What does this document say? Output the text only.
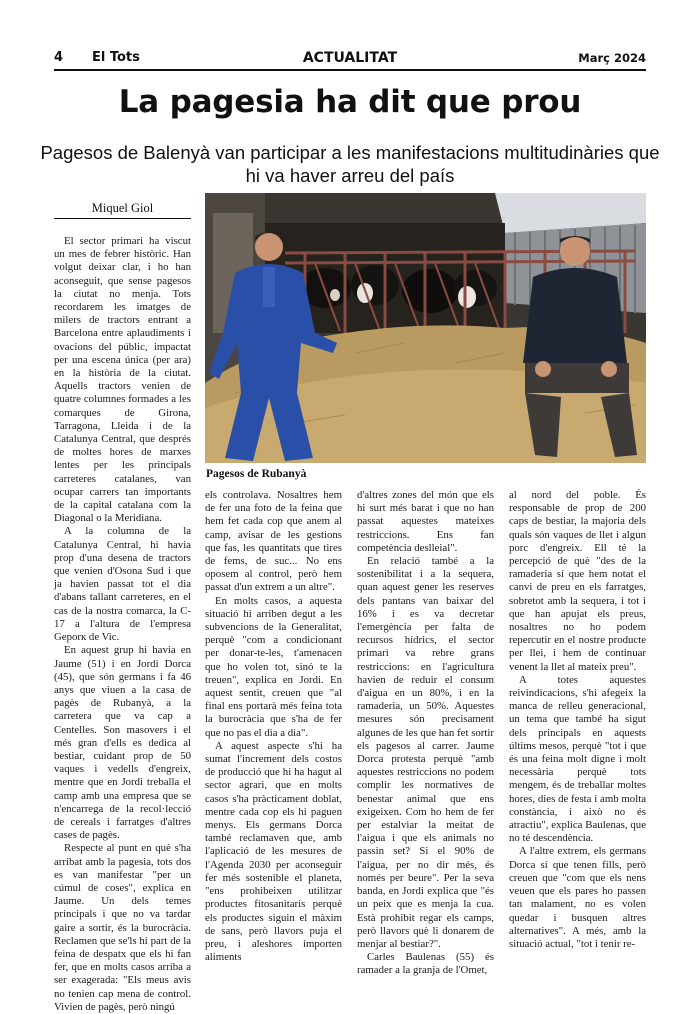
4 El Tots	ACTUALITAT	Març 2024
La pagesia ha dit que prou
Pagesos de Balenyà van participar a les manifestacions multitudinàries que hi va haver arreu del país
Miquel Giol
Pagesos de Rubanyà

El sector primari ha viscut un mes de febrer històric. Han volgut deixar clar, i ho han aconseguit, que sense pagesos la ciutat no menja. Tots recordarem les imatges de milers de tractors entrant a Barcelona entre aplaudiments i ovacions del públic, impactat per una escena única (per ara) en la història de la ciutat. Aquells tractors venien de quatre columnes formades a les comarques de Girona, Tarragona, Lleida i de la Catalunya Central, que després de moltes hores de marxes lentes per les principals carreteres catalanes, van ocupar carrers tan importants de la capital catalana com la Diagonal o la Meridiana.

A la columna de la Catalunya Central, hi havia prop d'una desena de tractors que venien d'Osona Sud i que ja havien passat tot el dia d'abans tallant carreteres, en el cas de la nostra comarca, la C-17 a l'altura de l'empresa Geporк de Vic.

En aquest grup hi havia en Jaume (51) i en Jordi Dorca (45), que són germans i fa 46 anys que viuen a la casa de pagès de Rubanyà, a la carretera que va cap a Centelles. Son masovers i el més gran d'ells es dedica al bestiar, cuidant prop de 50 vaques i vedells d'engreix, mentre que en Jordi treballa el camp amb una empresa que se n'encarrega de la recol·lecció de cereals i farratges d'altres cases de pagès.

Respecte al punt en què s'ha arribat amb la pagesia, tots dos es van manifestar "per un cúmul de coses", explica en Jaume. Un dels temes principals i que no va tardar gaire a sortir, és la burocràcia. Reclamen que se'ls hi part de la feina de despatx que els hi fan fer, que en molts casos arriba a ser exagerada: "Els meus avis no tenien cap mena de control. Vivien de pagès, però ningú

els controlava. Nosaltres hem de fer una foto de la feina que hem fet cada cop que anem al camp, avisar de les gestions que fas, les quantitats que tires de fems, de suc... No ens oposem al control, però hem passat d'un extrem a un altre".

En molts casos, a aquesta situació hi arriben degut a les subvencions de la Generalitat, perquè "com a condicionant per donar-te-les, t'amenacen que ho volen tot, sinó te la treuen", explica en Jordi. En aquest sentit, creuen que "al final ens portarà més feina tota la burocràcia que s'ha de fer que no pas el dia a dia".

A aquest aspecte s'hi ha sumat l'increment dels costos de producció que hi ha hagut al sector agrari, que en molts casos s'ha pràcticament doblat, mentre cada cop els hi paguen menys. Els germans Dorca també reclamaven que, amb l'aplicació de les mesures de l'Agenda 2030 per aconseguir fer més sostenible el planeta, "ens prohibeixen utilitzar productes fitosanitaris perquè els productes siguin el màxim de sans, però llavors puja el preu, i aleshores importen aliments

d'altres zones del món que els hi surt més barat i que no han passat aquestes mateixes restriccions. Ens fan competència deslleial".

En relació també a la sostenibilitat i a la sequera, quan aquest gener les reserves dels pantans van baixar del 16% i es va decretar l'emergència per falta de recursos hídrics, el sector primari va rebre grans restriccions: en l'agricultura havien de reduir el consum d'aigua en un 80%, i en la ramaderia, un 50%. Aquestes mesures són precisament algunes de les que han fet sortir els pagesos al carrer. Jaume Dorca protesta perquè "amb aquestes restriccions no podem complir les normatives de benestar animal que ens exigeixen. Com ho hem de fer per estalviar la meitat de l'aigua i que els animals no passin set? Si el 90% de l'aigua, per no dir més, és només per beure". Per la seva banda, en Jordi explica que "és un peix que es menja la cua. Està prohibit regar els camps, però llavors què li donarem de menjar al bestiar?".

Carles Baulenas (55) és ramader a la granja de l'Omet,

al nord del poble. És responsable de prop de 200 caps de bestiar, la majoria dels quals són vaques de llet i algun porc d'engreix. Ell té la percepció de què "des de la ramaderia sí que hem notat el canvi de preu en els farratges, sobretot amb la sequera, i tot i que han apujat els preus, nosaltres no ho podem repercutir en el nostre producte per llei, i hem de continuar venent la llet al mateix preu".

A totes aquestes reivindicacions, s'hi afegeix la manca de relleu generacional, un tema que també ha sigut dels principals en aquests últims mesos, perquè "tot i que és una feina molt digne i molt necessària perquè tots mengem, és de treballar moltes hores, dies de festa i amb molta constància, i això no és atractiu", explica Baulenas, que no té descendència.

A l'altre extrem, els germans Dorca sí que tenen fills, però creuen que "com que els nens veuen que els pares ho passen tan malament, no es volen quedar i busquen altres alternatives". A més, amb la situació actual, "tot i tenir re-
